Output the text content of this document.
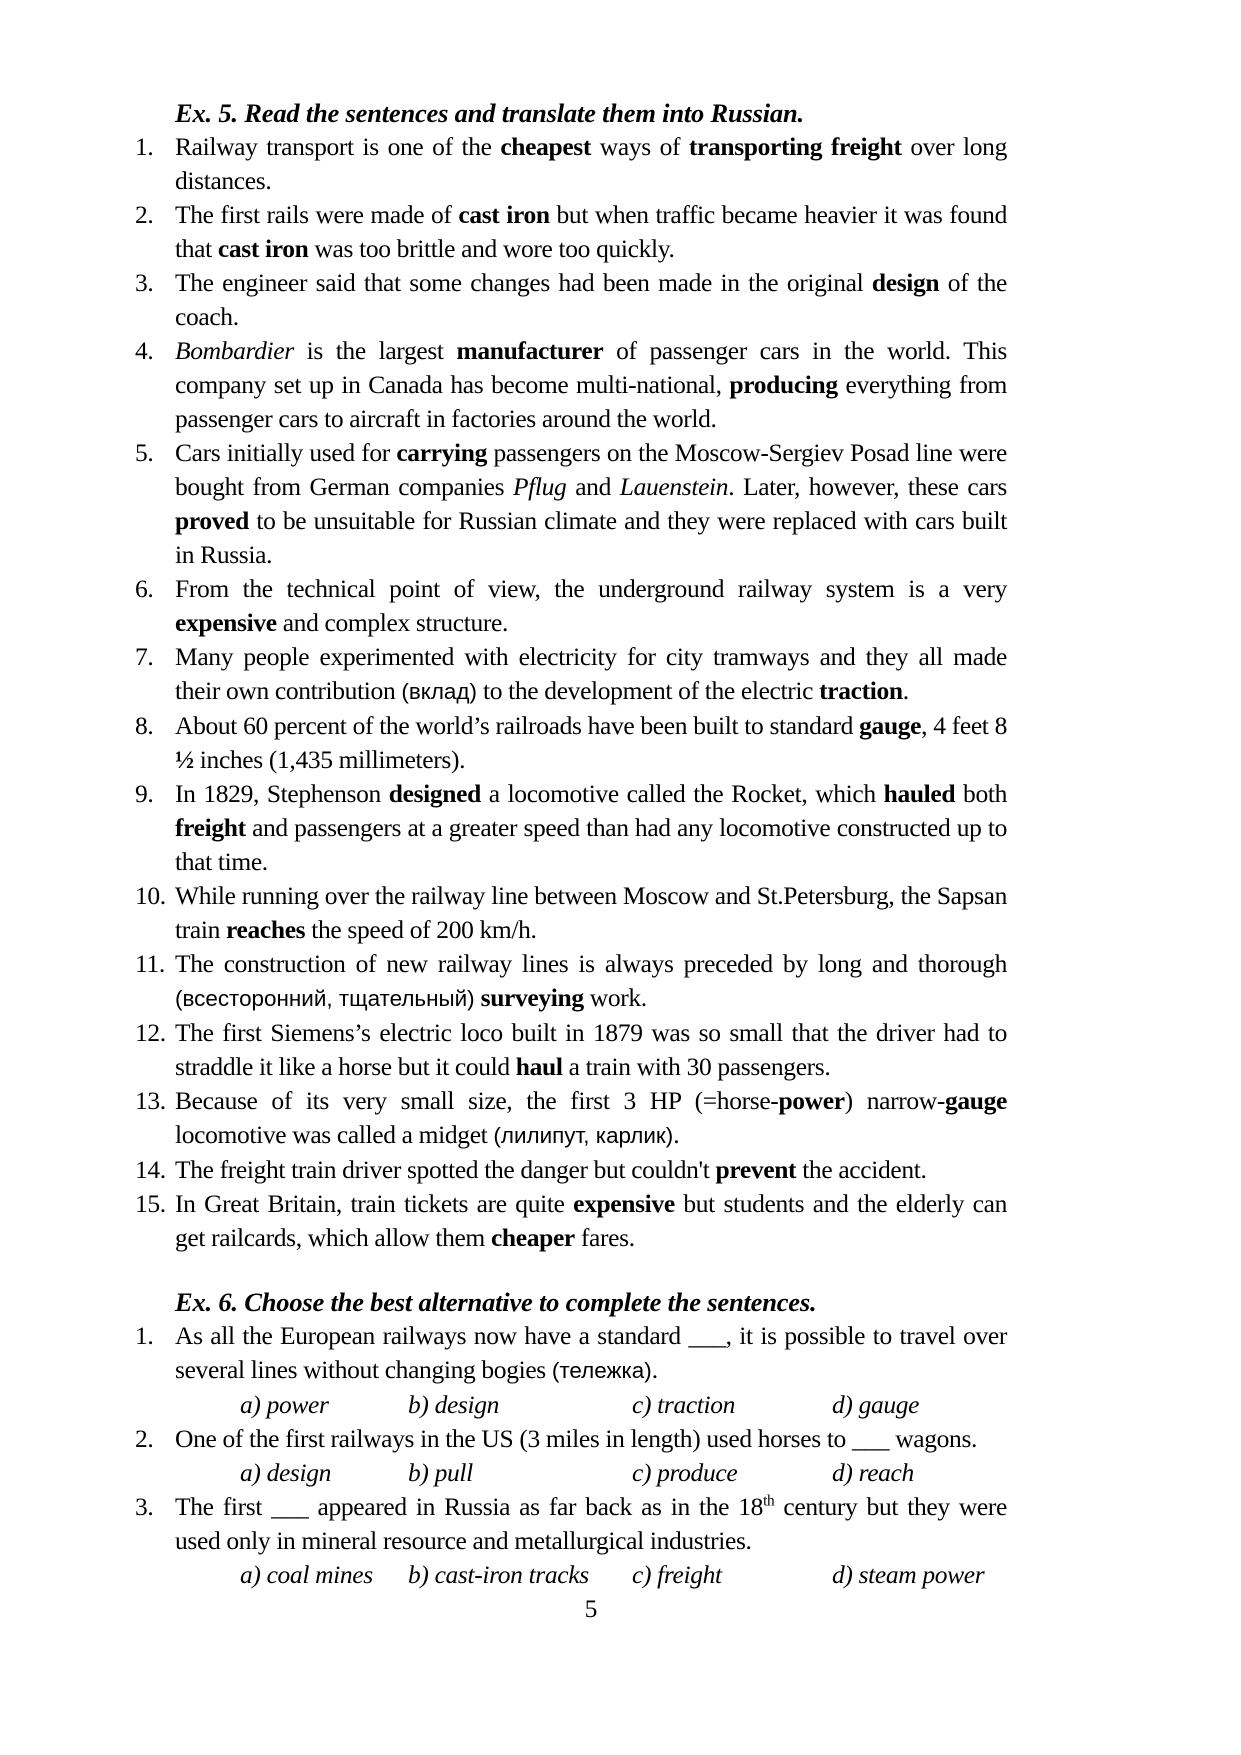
Ex. 5. Read the sentences and translate them into Russian.
1. Railway transport is one of the cheapest ways of transporting freight over long distances.
2. The first rails were made of cast iron but when traffic became heavier it was found that cast iron was too brittle and wore too quickly.
3. The engineer said that some changes had been made in the original design of the coach.
4. Bombardier is the largest manufacturer of passenger cars in the world. This company set up in Canada has become multi-national, producing everything from passenger cars to aircraft in factories around the world.
5. Cars initially used for carrying passengers on the Moscow-Sergiev Posad line were bought from German companies Pflug and Lauenstein. Later, however, these cars proved to be unsuitable for Russian climate and they were replaced with cars built in Russia.
6. From the technical point of view, the underground railway system is a very expensive and complex structure.
7. Many people experimented with electricity for city tramways and they all made their own contribution (вклад) to the development of the electric traction.
8. About 60 percent of the world’s railroads have been built to standard gauge, 4 feet 8 ½ inches (1,435 millimeters).
9. In 1829, Stephenson designed a locomotive called the Rocket, which hauled both freight and passengers at a greater speed than had any locomotive constructed up to that time.
10. While running over the railway line between Moscow and St.Petersburg, the Sapsan train reaches the speed of 200 km/h.
11. The construction of new railway lines is always preceded by long and thorough (всесторонний, тщательный) surveying work.
12. The first Siemens’s electric loco built in 1879 was so small that the driver had to straddle it like a horse but it could haul a train with 30 passengers.
13. Because of its very small size, the first 3 HP (=horse-power) narrow-gauge locomotive was called a midget (лилипут, карлик).
14. The freight train driver spotted the danger but couldn't prevent the accident.
15. In Great Britain, train tickets are quite expensive but students and the elderly can get railcards, which allow them cheaper fares.
Ex. 6. Choose the best alternative to complete the sentences.
1. As all the European railways now have a standard ___, it is possible to travel over several lines without changing bogies (тележка).
a) power	b) design	c) traction	d) gauge
2. One of the first railways in the US (3 miles in length) used horses to ___ wagons.
a) design	b) pull	c) produce	d) reach
3. The first ___ appeared in Russia as far back as in the 18th century but they were used only in mineral resource and metallurgical industries.
a) coal mines	b) cast-iron tracks	c) freight	d) steam power
5
